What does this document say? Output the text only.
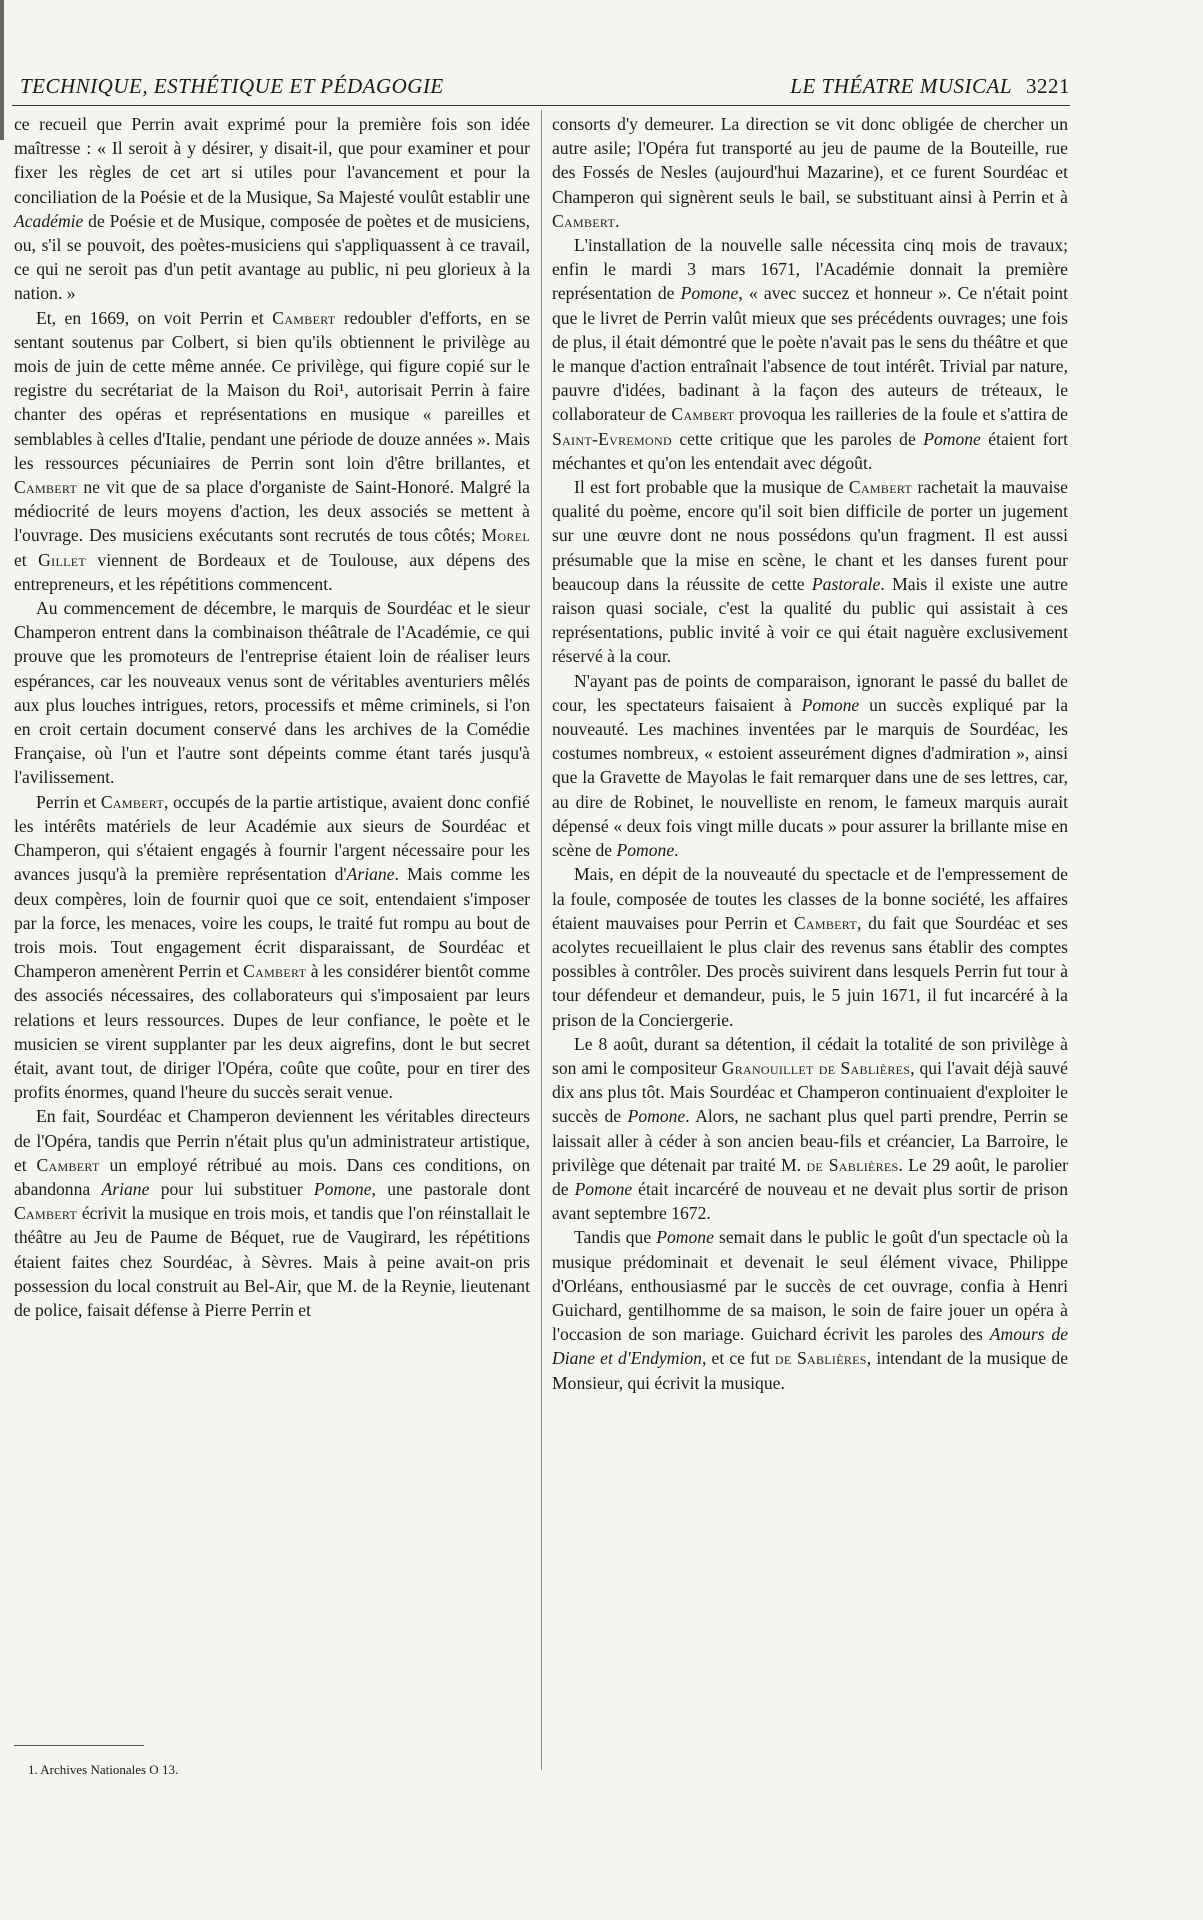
TECHNIQUE, ESTHÉTIQUE ET PÉDAGOGIE	LE THÉATRE MUSICAL 3221

ce recueil que Perrin avait exprimé pour la première fois son idée maîtresse : « Il seroit à y désirer, y disait-il, que pour examiner et pour fixer les règles de cet art si utiles pour l'avancement et pour la conciliation de la Poésie et de la Musique, Sa Majesté voulût establir une Académie de Poésie et de Musique, composée de poètes et de musiciens, ou, s'il se pouvoit, des poètes-musiciens qui s'appliquassent à ce travail, ce qui ne seroit pas d'un petit avantage au public, ni peu glorieux à la nation. »

Et, en 1669, on voit Perrin et Cambert redoubler d'efforts, en se sentant soutenus par Colbert, si bien qu'ils obtiennent le privilège au mois de juin de cette même année. Ce privilège, qui figure copié sur le registre du secrétariat de la Maison du Roi¹, autorisait Perrin à faire chanter des opéras et représentations en musique « pareilles et semblables à celles d'Italie, pendant une période de douze années ». Mais les ressources pécuniaires de Perrin sont loin d'être brillantes, et Cambert ne vit que de sa place d'organiste de Saint-Honoré. Malgré la médiocrité de leurs moyens d'action, les deux associés se mettent à l'ouvrage. Des musiciens exécutants sont recrutés de tous côtés; Morel et Gillet viennent de Bordeaux et de Toulouse, aux dépens des entrepreneurs, et les répétitions commencent.

Au commencement de décembre, le marquis de Sourdéac et le sieur Champeron entrent dans la combinaison théâtrale de l'Académie, ce qui prouve que les promoteurs de l'entreprise étaient loin de réaliser leurs espérances, car les nouveaux venus sont de véritables aventuriers mêlés aux plus louches intrigues, retors, processifs et même criminels, si l'on en croit certain document conservé dans les archives de la Comédie Française, où l'un et l'autre sont dépeints comme étant tarés jusqu'à l'avilissement.

Perrin et Cambert, occupés de la partie artistique, avaient donc confié les intérêts matériels de leur Académie aux sieurs de Sourdéac et Champeron, qui s'étaient engagés à fournir l'argent nécessaire pour les avances jusqu'à la première représentation d'Ariane. Mais comme les deux compères, loin de fournir quoi que ce soit, entendaient s'imposer par la force, les menaces, voire les coups, le traité fut rompu au bout de trois mois. Tout engagement écrit disparaissant, de Sourdéac et Champeron amenèrent Perrin et Cambert à les considérer bientôt comme des associés nécessaires, des collaborateurs qui s'imposaient par leurs relations et leurs ressources. Dupes de leur confiance, le poète et le musicien se virent supplanter par les deux aigrefins, dont le but secret était, avant tout, de diriger l'Opéra, coûte que coûte, pour en tirer des profits énormes, quand l'heure du succès serait venue.

En fait, Sourdéac et Champeron deviennent les véritables directeurs de l'Opéra, tandis que Perrin n'était plus qu'un administrateur artistique, et Cambert un employé rétribué au mois. Dans ces conditions, on abandonna Ariane pour lui substituer Pomone, une pastorale dont Cambert écrivit la musique en trois mois, et tandis que l'on réinstallait le théâtre au Jeu de Paume de Béquet, rue de Vaugirard, les répétitions étaient faites chez Sourdéac, à Sèvres. Mais à peine avait-on pris possession du local construit au Bel-Air, que M. de la Reynie, lieutenant de police, faisait défense à Pierre Perrin et

consorts d'y demeurer. La direction se vit donc obligée de chercher un autre asile; l'Opéra fut transporté au jeu de paume de la Bouteille, rue des Fossés de Nesles (aujourd'hui Mazarine), et ce furent Sourdéac et Champeron qui signèrent seuls le bail, se substituant ainsi à Perrin et à Cambert.

L'installation de la nouvelle salle nécessita cinq mois de travaux; enfin le mardi 3 mars 1671, l'Académie donnait la première représentation de Pomone, « avec succez et honneur ». Ce n'était point que le livret de Perrin valût mieux que ses précédents ouvrages; une fois de plus, il était démontré que le poète n'avait pas le sens du théâtre et que le manque d'action entraînait l'absence de tout intérêt. Trivial par nature, pauvre d'idées, badinant à la façon des auteurs de tréteaux, le collaborateur de Cambert provoqua les railleries de la foule et s'attira de Saint-Evremond cette critique que les paroles de Pomone étaient fort méchantes et qu'on les entendait avec dégoût.

Il est fort probable que la musique de Cambert rachetait la mauvaise qualité du poème, encore qu'il soit bien difficile de porter un jugement sur une œuvre dont ne nous possédons qu'un fragment. Il est aussi présumable que la mise en scène, le chant et les danses furent pour beaucoup dans la réussite de cette Pastorale. Mais il existe une autre raison quasi sociale, c'est la qualité du public qui assistait à ces représentations, public invité à voir ce qui était naguère exclusivement réservé à la cour.

N'ayant pas de points de comparaison, ignorant le passé du ballet de cour, les spectateurs faisaient à Pomone un succès expliqué par la nouveauté. Les machines inventées par le marquis de Sourdéac, les costumes nombreux, « estoient asseurément dignes d'admiration », ainsi que la Gravette de Mayolas le fait remarquer dans une de ses lettres, car, au dire de Robinet, le nouvelliste en renom, le fameux marquis aurait dépensé « deux fois vingt mille ducats » pour assurer la brillante mise en scène de Pomone.

Mais, en dépit de la nouveauté du spectacle et de l'empressement de la foule, composée de toutes les classes de la bonne société, les affaires étaient mauvaises pour Perrin et Cambert, du fait que Sourdéac et ses acolytes recueillaient le plus clair des revenus sans établir des comptes possibles à contrôler. Des procès suivirent dans lesquels Perrin fut tour à tour défendeur et demandeur, puis, le 5 juin 1671, il fut incarcéré à la prison de la Conciergerie.

Le 8 août, durant sa détention, il cédait la totalité de son privilège à son ami le compositeur Granouillet de Sablières, qui l'avait déjà sauvé dix ans plus tôt. Mais Sourdéac et Champeron continuaient d'exploiter le succès de Pomone. Alors, ne sachant plus quel parti prendre, Perrin se laissait aller à céder à son ancien beau-fils et créancier, La Barroire, le privilège que détenait par traité M. de Sablières. Le 29 août, le parolier de Pomone était incarcéré de nouveau et ne devait plus sortir de prison avant septembre 1672.

Tandis que Pomone semait dans le public le goût d'un spectacle où la musique prédominait et devenait le seul élément vivace, Philippe d'Orléans, enthousiasmé par le succès de cet ouvrage, confia à Henri Guichard, gentilhomme de sa maison, le soin de faire jouer un opéra à l'occasion de son mariage. Guichard écrivit les paroles des Amours de Diane et d'Endymion, et ce fut de Sablières, intendant de la musique de Monsieur, qui écrivit la musique.

1. Archives Nationales O 13.
